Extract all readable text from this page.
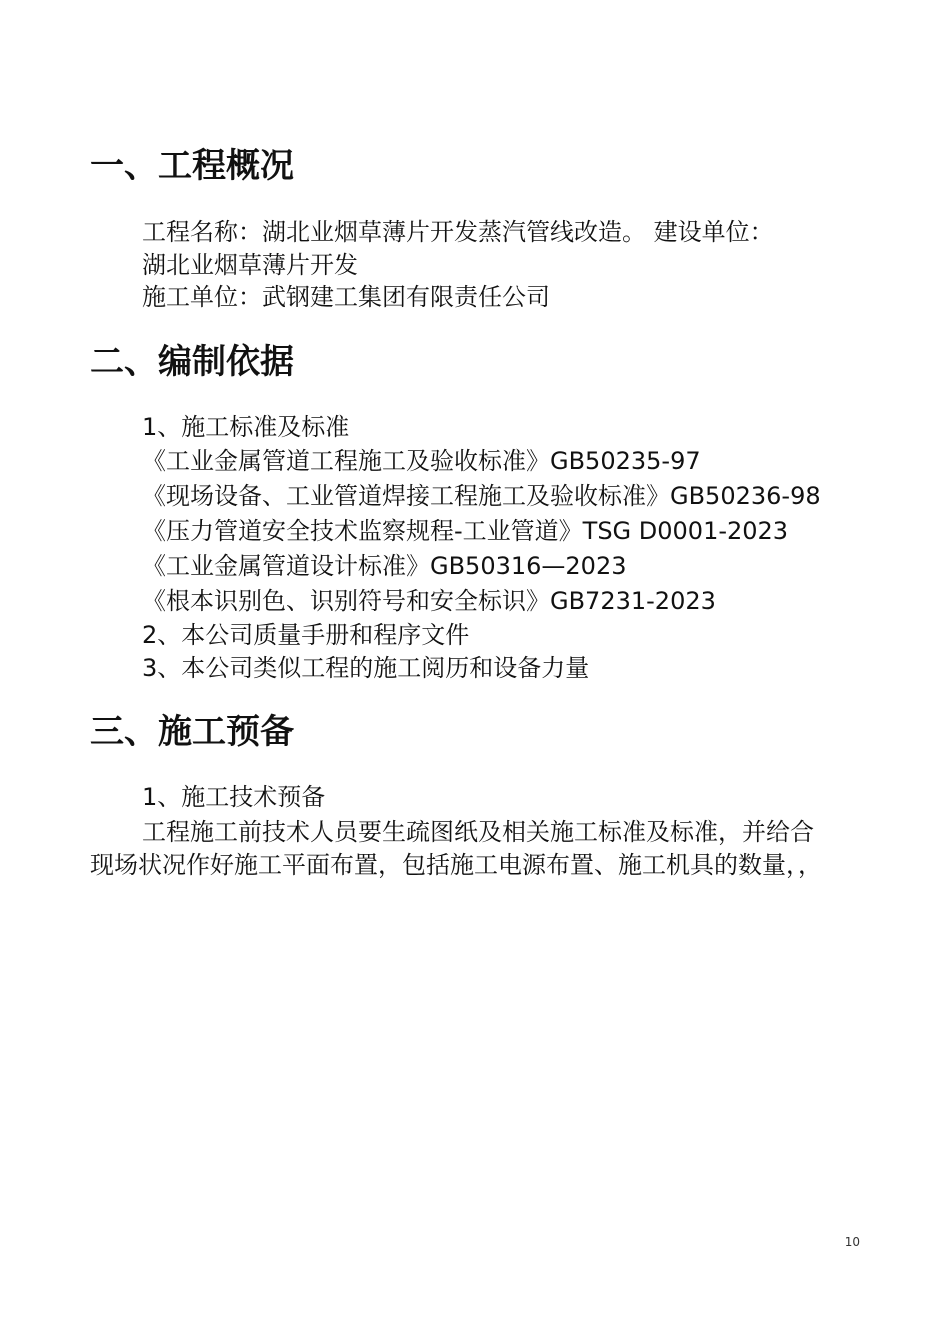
一、工程概况

工程名称：湖北业烟草薄片开发蒸汽管线改造。 建设单位：

湖北业烟草薄片开发

施工单位：武钢建工集团有限责任公司

二、编制依据

1、施工标准及标准

《工业金属管道工程施工及验收标准》GB50235-97

《现场设备、工业管道焊接工程施工及验收标准》GB50236-98

《压力管道安全技术监察规程-工业管道》TSG D0001-2023

《工业金属管道设计标准》GB50316—2023

《根本识别色、识别符号和安全标识》GB7231-2023

2、本公司质量手册和程序文件

3、本公司类似工程的施工阅历和设备力量

三、施工预备

1、施工技术预备

工程施工前技术人员要生疏图纸及相关施工标准及标准，并给合

现场状况作好施工平面布置，包括施工电源布置、施工机具的数量，，

10
